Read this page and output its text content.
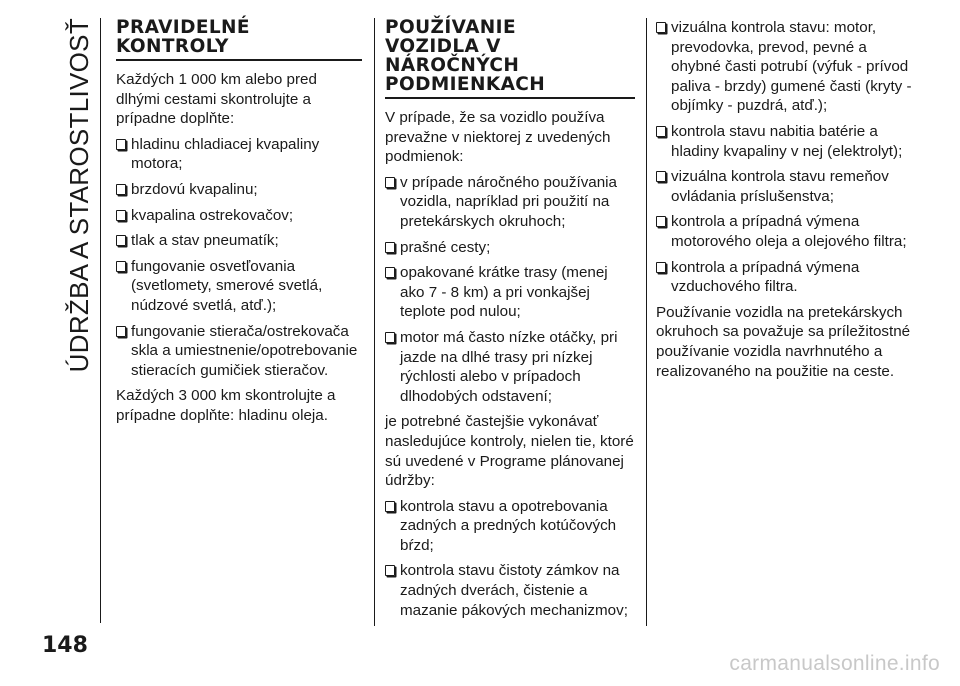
ÚDRŽBA A STAROSTLIVOSŤ
148
PRAVIDELNÉ
KONTROLY

Každých 1 000 km alebo pred dlhými cestami skontrolujte a prípadne doplňte:

hladinu chladiacej kvapaliny motora;
brzdovú kvapalinu;
kvapalina ostrekovačov;
tlak a stav pneumatík;
fungovanie osvetľovania (svetlomety, smerové svetlá, núdzové svetlá, atď.);
fungovanie stierača/ostrekovača skla a umiestnenie/opotrebovanie stieracích gumičiek stieračov.

Každých 3 000 km skontrolujte a prípadne doplňte: hladinu oleja.

POUŽÍVANIE
VOZIDLA V
NÁROČNÝCH
PODMIENKACH

V prípade, že sa vozidlo používa prevažne v niektorej z uvedených podmienok:

v prípade náročného používania vozidla, napríklad pri použití na pretekárskych okruhoch;
prašné cesty;
opakované krátke trasy (menej ako 7 - 8 km) a pri vonkajšej teplote pod nulou;
motor má často nízke otáčky, pri jazde na dlhé trasy pri nízkej rýchlosti alebo v prípadoch dlhodobých odstavení;

je potrebné častejšie vykonávať nasledujúce kontroly, nielen tie, ktoré sú uvedené v Programe plánovanej údržby:

kontrola stavu a opotrebovania zadných a predných kotúčových bŕzd;
kontrola stavu čistoty zámkov na zadných dverách, čistenie a mazanie pákových mechanizmov;
vizuálna kontrola stavu: motor, prevodovka, prevod, pevné a ohybné časti potrubí (výfuk - prívod paliva - brzdy) gumené časti (kryty - objímky - puzdrá, atď.);
kontrola stavu nabitia batérie a hladiny kvapaliny v nej (elektrolyt);
vizuálna kontrola stavu remeňov ovládania príslušenstva;
kontrola a prípadná výmena motorového oleja a olejového filtra;
kontrola a prípadná výmena vzduchového filtra.

Používanie vozidla na pretekárskych okruhoch sa považuje sa príležitostné používanie vozidla navrhnutého a realizovaného na použitie na ceste.

carmanualsonline.info
